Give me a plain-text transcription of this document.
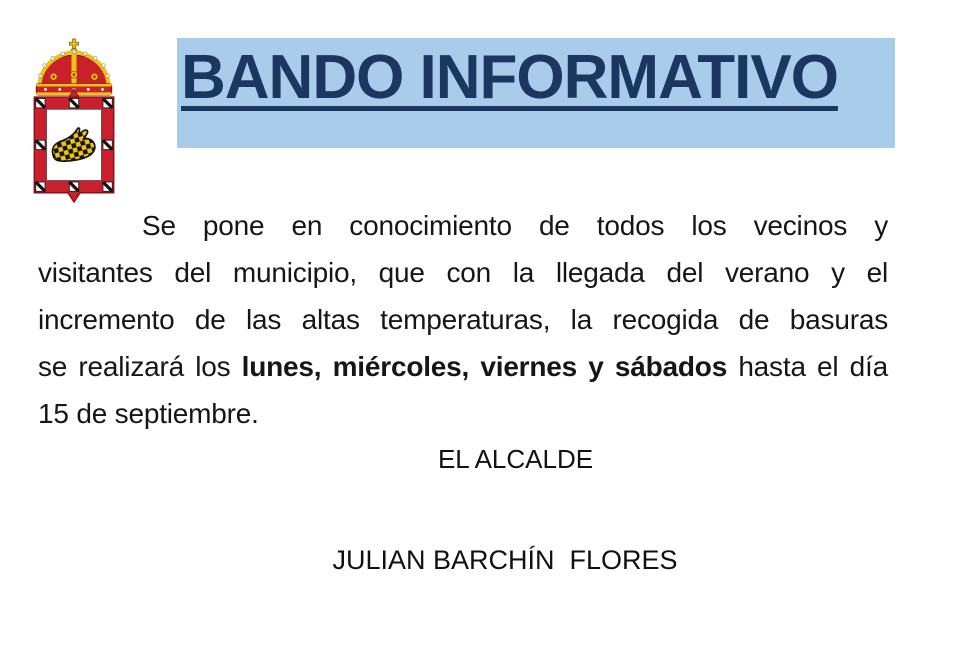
BANDO INFORMATIVO
Se pone en conocimiento de todos los vecinos y
visitantes del municipio, que con la llegada del verano y el
incremento de las altas temperaturas, la recogida de basuras
se realizará los lunes, miércoles, viernes y sábados hasta el día
15 de septiembre.
EL ALCALDE
JULIAN BARCHÍN  FLORES
